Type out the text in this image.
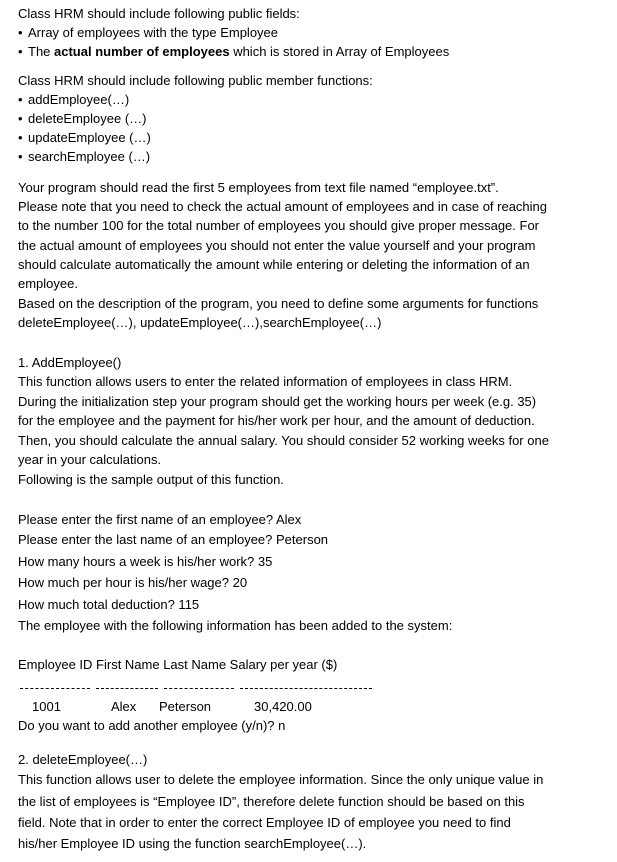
Class HRM should include following public fields:
• Array of employees with the type Employee
• The actual number of employees which is stored in Array of Employees
Class HRM should include following public member functions:
• addEmployee(…)
• deleteEmployee (…)
• updateEmployee (…)
• searchEmployee (…)
Your program should read the first 5 employees from text file named “employee.txt”.
Please note that you need to check the actual amount of employees and in case of reaching
to the number 100 for the total number of employees you should give proper message. For
the actual amount of employees you should not enter the value yourself and your program
should calculate automatically the amount while entering or deleting the information of an
employee.
Based on the description of the program, you need to define some arguments for functions
deleteEmployee(…), updateEmployee(…),searchEmployee(…)
1. AddEmployee()
This function allows users to enter the related information of employees in class HRM.
During the initialization step your program should get the working hours per week (e.g. 35)
for the employee and the payment for his/her work per hour, and the amount of deduction.
Then, you should calculate the annual salary. You should consider 52 working weeks for one
year in your calculations.
Following is the sample output of this function.
Please enter the first name of an employee? Alex
Please enter the last name of an employee? Peterson
How many hours a week is his/her work? 35
How much per hour is his/her wage? 20
How much total deduction? 115
The employee with the following information has been added to the system:
Employee ID First Name Last Name Salary per year ($)
1001	Alex Peterson	30,420.00
Do you want to add another employee (y/n)? n
2. deleteEmployee(…)
This function allows user to delete the employee information. Since the only unique value in
the list of employees is “Employee ID”, therefore delete function should be based on this
field. Note that in order to enter the correct Employee ID of employee you need to find
his/her Employee ID using the function searchEmployee(…).
